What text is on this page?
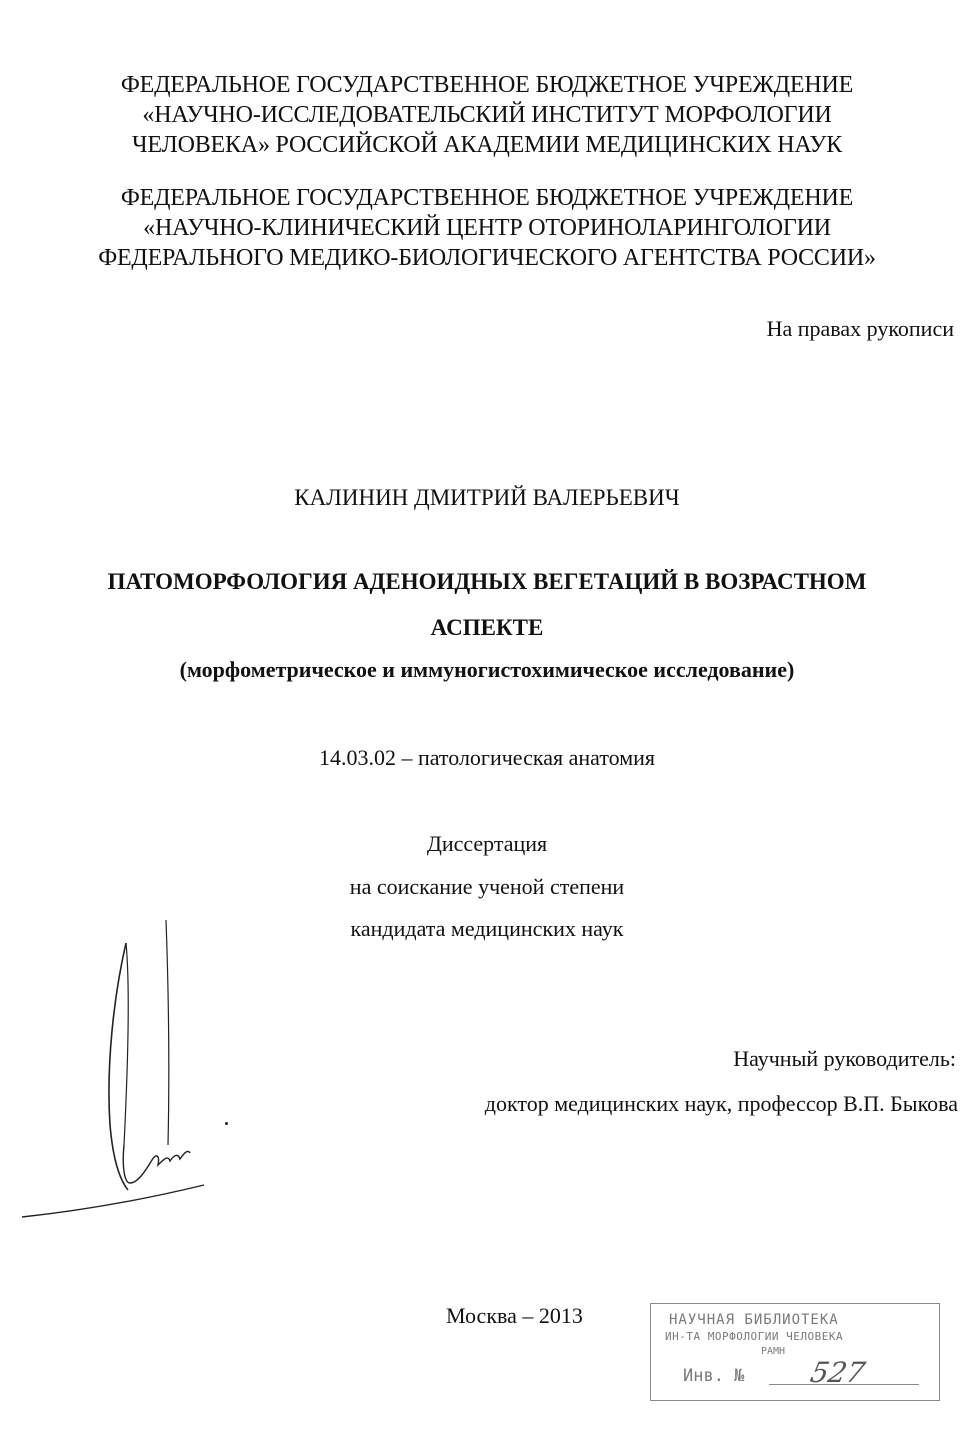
ФЕДЕРАЛЬНОЕ ГОСУДАРСТВЕННОЕ БЮДЖЕТНОЕ УЧРЕЖДЕНИЕ
«НАУЧНО-ИССЛЕДОВАТЕЛЬСКИЙ ИНСТИТУТ МОРФОЛОГИИ
ЧЕЛОВЕКА» РОССИЙСКОЙ АКАДЕМИИ МЕДИЦИНСКИХ НАУК
ФЕДЕРАЛЬНОЕ ГОСУДАРСТВЕННОЕ БЮДЖЕТНОЕ УЧРЕЖДЕНИЕ
«НАУЧНО-КЛИНИЧЕСКИЙ ЦЕНТР ОТОРИНОЛАРИНГОЛОГИИ
ФЕДЕРАЛЬНОГО МЕДИКО-БИОЛОГИЧЕСКОГО АГЕНТСТВА РОССИИ»
На правах рукописи
КАЛИНИН ДМИТРИЙ ВАЛЕРЬЕВИЧ
ПАТОМОРФОЛОГИЯ АДЕНОИДНЫХ ВЕГЕТАЦИЙ В ВОЗРАСТНОМ
АСПЕКТЕ
(морфометрическое и иммуногистохимическое исследование)
14.03.02 – патологическая анатомия
Диссертация
на соискание ученой степени
кандидата медицинских наук
Научный руководитель:
доктор медицинских наук, профессор В.П. Быкова
Москва – 2013	НАУЧНАЯ БИБЛИОТЕКА
ИН-ТА МОРФОЛОГИИ ЧЕЛОВЕКА
РАМН
Инв. № 527
